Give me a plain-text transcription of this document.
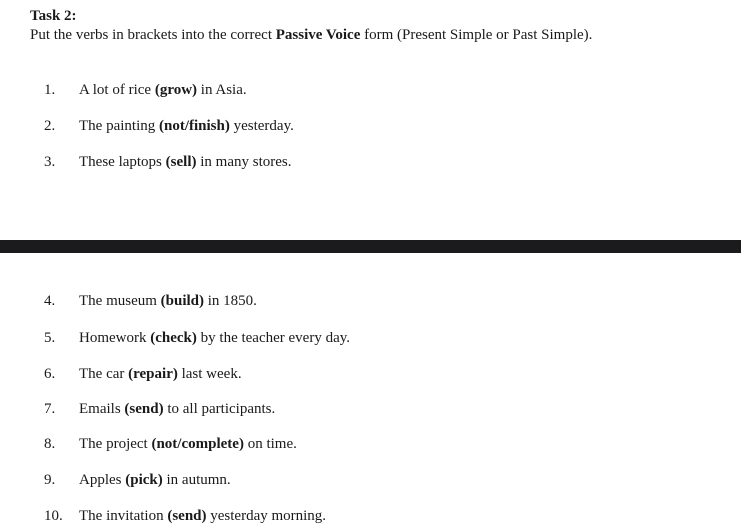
Task 2:
Put the verbs in brackets into the correct Passive Voice form (Present Simple or Past Simple).
1.	A lot of rice (grow) in Asia.
2.	The painting (not/finish) yesterday.
3.	These laptops (sell) in many stores.
4.	The museum (build) in 1850.
5.	Homework (check) by the teacher every day.
6.	The car (repair) last week.
7.	Emails (send) to all participants.
8.	The project (not/complete) on time.
9.	Apples (pick) in autumn.
10.	The invitation (send) yesterday morning.
